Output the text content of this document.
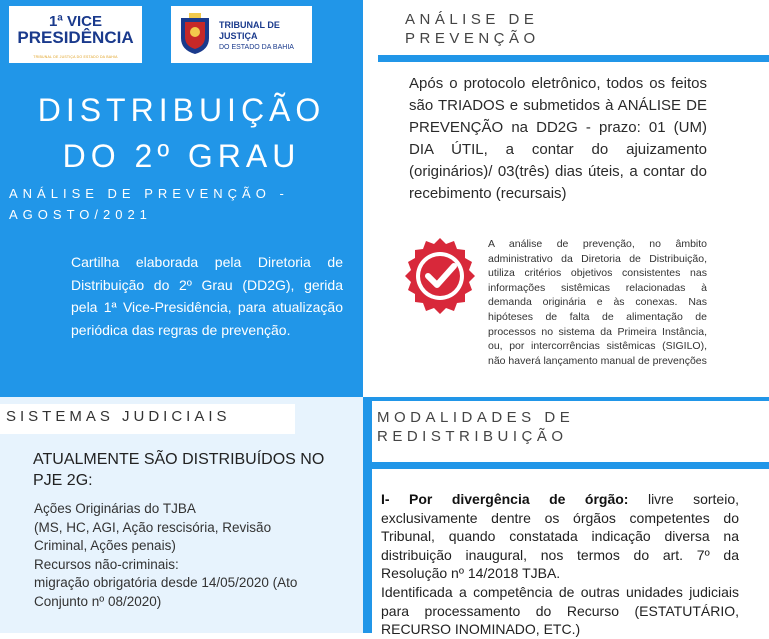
1ª VICE
PRESIDÊNCIA
TRIBUNAL DE JUSTIÇA DO ESTADO DA BAHIA
TRIBUNAL DE JUSTIÇA
DO ESTADO DA BAHIA
DISTRIBUIÇÃO
DO 2º GRAU
ANÁLISE DE PREVENÇÃO -
AGOSTO/2021
Cartilha elaborada pela Diretoria de Distribuição do 2º Grau (DD2G), gerida pela 1ª Vice-Presidência, para atualização periódica das regras de prevenção.
ANÁLISE DE PREVENÇÃO
Após o protocolo eletrônico, todos os feitos são TRIADOS e submetidos à ANÁLISE DE PREVENÇÃO na DD2G - prazo: 01 (UM) DIA ÚTIL, a contar do ajuizamento (originários)/ 03(três) dias úteis, a contar do recebimento (recursais)
A análise de prevenção, no âmbito administrativo da Diretoria de Distribuição, utiliza critérios objetivos consistentes nas informações sistêmicas relacionadas à demanda originária e às conexas. Nas hipóteses de falta de alimentação de processos no sistema da Primeira Instância, ou, por intercorrências sistêmicas (SIGILO), não haverá lançamento manual de prevenções
SISTEMAS JUDICIAIS
ATUALMENTE SÃO DISTRIBUÍDOS NO PJE 2G:

Ações Originárias do TJBA

(MS, HC, AGI, Ação rescisória, Revisão Criminal, Ações penais)

Recursos não-criminais:

migração obrigatória desde 14/05/2020 (Ato Conjunto nº 08/2020)

MODALIDADES DE REDISTRIBUIÇÃO

I- Por divergência de órgão: livre sorteio, exclusivamente dentre os órgãos competentes do Tribunal, quando constatada indicação diversa na distribuição inaugural, nos termos do art. 7º da Resolução nº 14/2018 TJBA.

Identificada a competência de outras unidades judiciais para processamento do Recurso (ESTATUTÁRIO, RECURSO INOMINADO, ETC.)
